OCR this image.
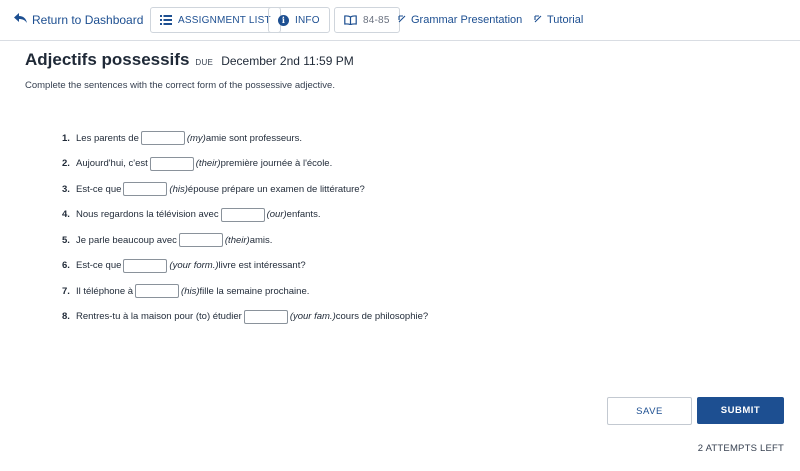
Return to Dashboard	ASSIGNMENT LIST	i INFO	84-85 Grammar Presentation Tutorial
Adjectifs possessifs DUE December 2nd 11:59 PM
Complete the sentences with the correct form of the possessive adjective.
1. Les parents de	(my) amie sont professeurs.
2. Aujourd'hui, c'est	(their) première journée à l'école.
3. Est-ce que	(his) épouse prépare un examen de littérature?
4. Nous regardons la télévision avec	(our) enfants.
5. Je parle beaucoup avec	(their) amis.
6. Est-ce que	(your form.) livre est intéressant?
7. Il téléphone à	(his) fille la semaine prochaine.
8. Rentres-tu à la maison pour (to) étudier	(your fam.) cours de philosophie?
SAVE	SUBMIT
2 ATTEMPTS LEFT
